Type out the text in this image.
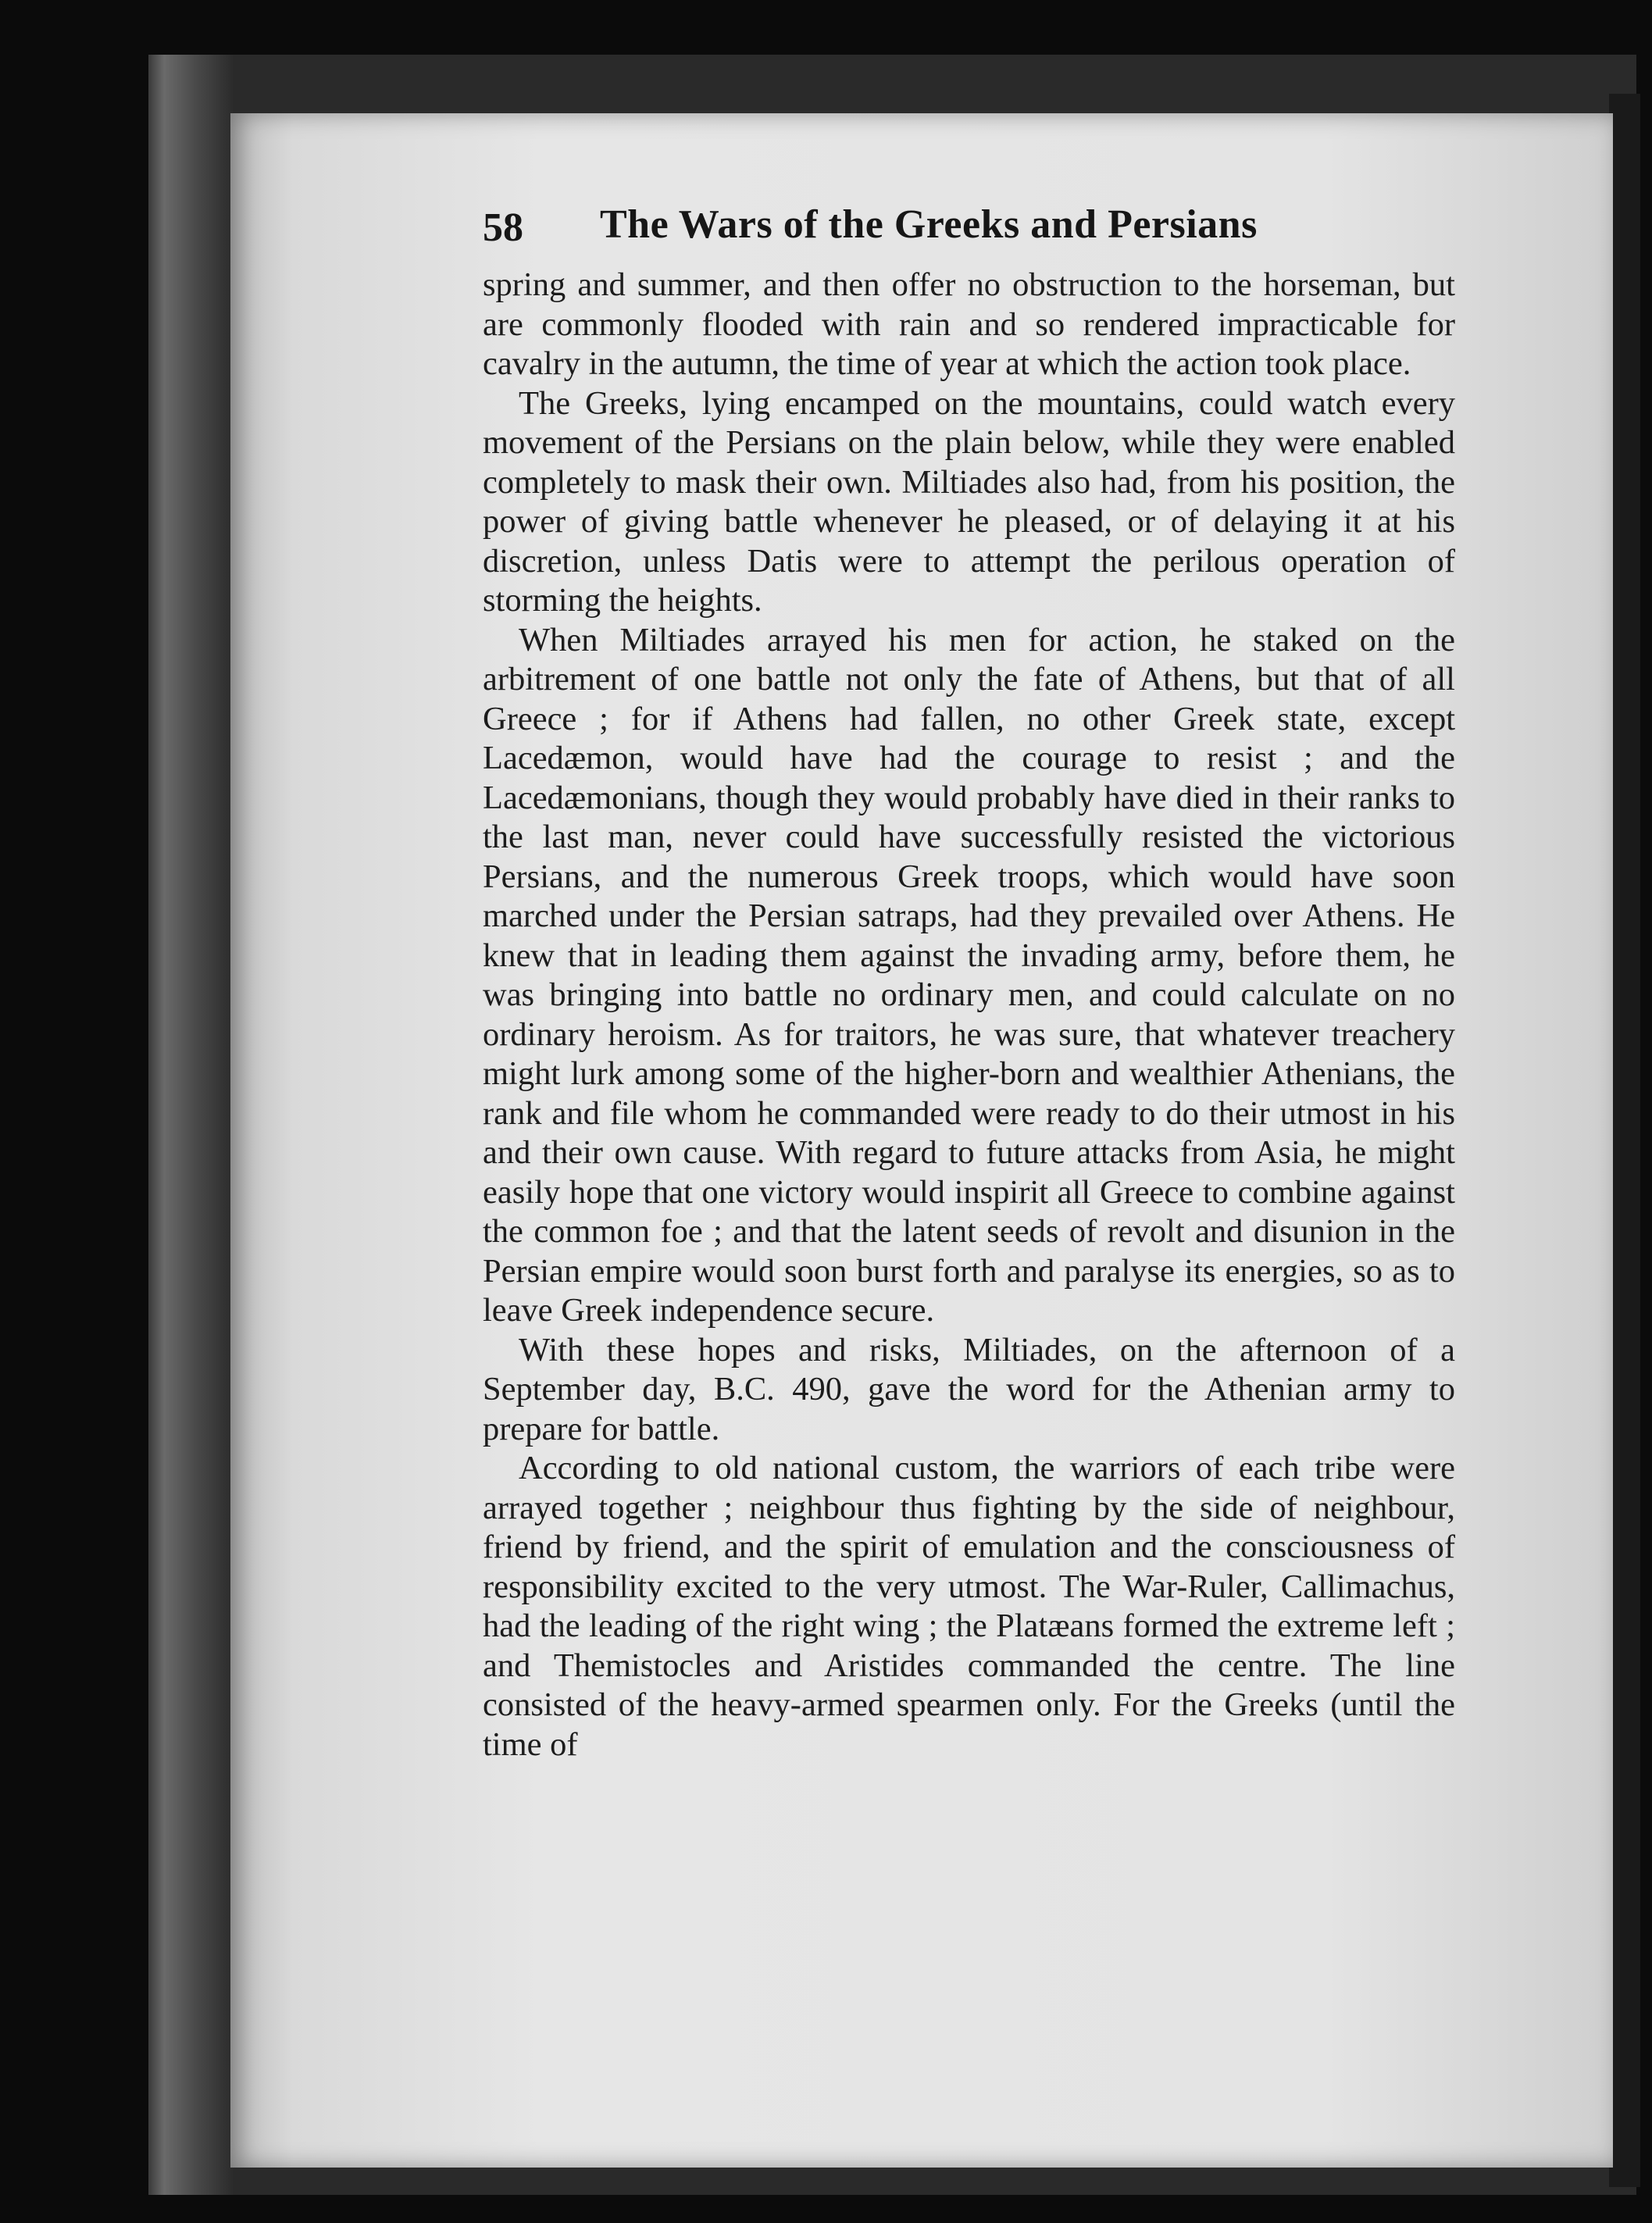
58 The Wars of the Greeks and Persians

spring and summer, and then offer no obstruction to the horseman, but are commonly flooded with rain and so rendered impracticable for cavalry in the autumn, the time of year at which the action took place.

The Greeks, lying encamped on the mountains, could watch every movement of the Persians on the plain below, while they were enabled completely to mask their own. Miltiades also had, from his position, the power of giving battle whenever he pleased, or of delaying it at his discretion, unless Datis were to attempt the perilous operation of storming the heights.

When Miltiades arrayed his men for action, he staked on the arbitrement of one battle not only the fate of Athens, but that of all Greece ; for if Athens had fallen, no other Greek state, except Lacedæmon, would have had the courage to resist ; and the Lacedæmonians, though they would probably have died in their ranks to the last man, never could have successfully resisted the victorious Persians, and the numerous Greek troops, which would have soon marched under the Persian satraps, had they prevailed over Athens. He knew that in leading them against the invading army, before them, he was bringing into battle no ordinary men, and could calculate on no ordinary heroism. As for traitors, he was sure, that whatever treachery might lurk among some of the higher-born and wealthier Athenians, the rank and file whom he commanded were ready to do their utmost in his and their own cause. With regard to future attacks from Asia, he might easily hope that one victory would inspirit all Greece to combine against the common foe ; and that the latent seeds of revolt and disunion in the Persian empire would soon burst forth and paralyse its energies, so as to leave Greek independence secure.

With these hopes and risks, Miltiades, on the afternoon of a September day, B.C. 490, gave the word for the Athenian army to prepare for battle.

According to old national custom, the warriors of each tribe were arrayed together ; neighbour thus fighting by the side of neighbour, friend by friend, and the spirit of emulation and the consciousness of responsibility excited to the very utmost. The War-Ruler, Callimachus, had the leading of the right wing ; the Platæans formed the extreme left ; and Themistocles and Aristides commanded the centre. The line consisted of the heavy-armed spearmen only. For the Greeks (until the time of
